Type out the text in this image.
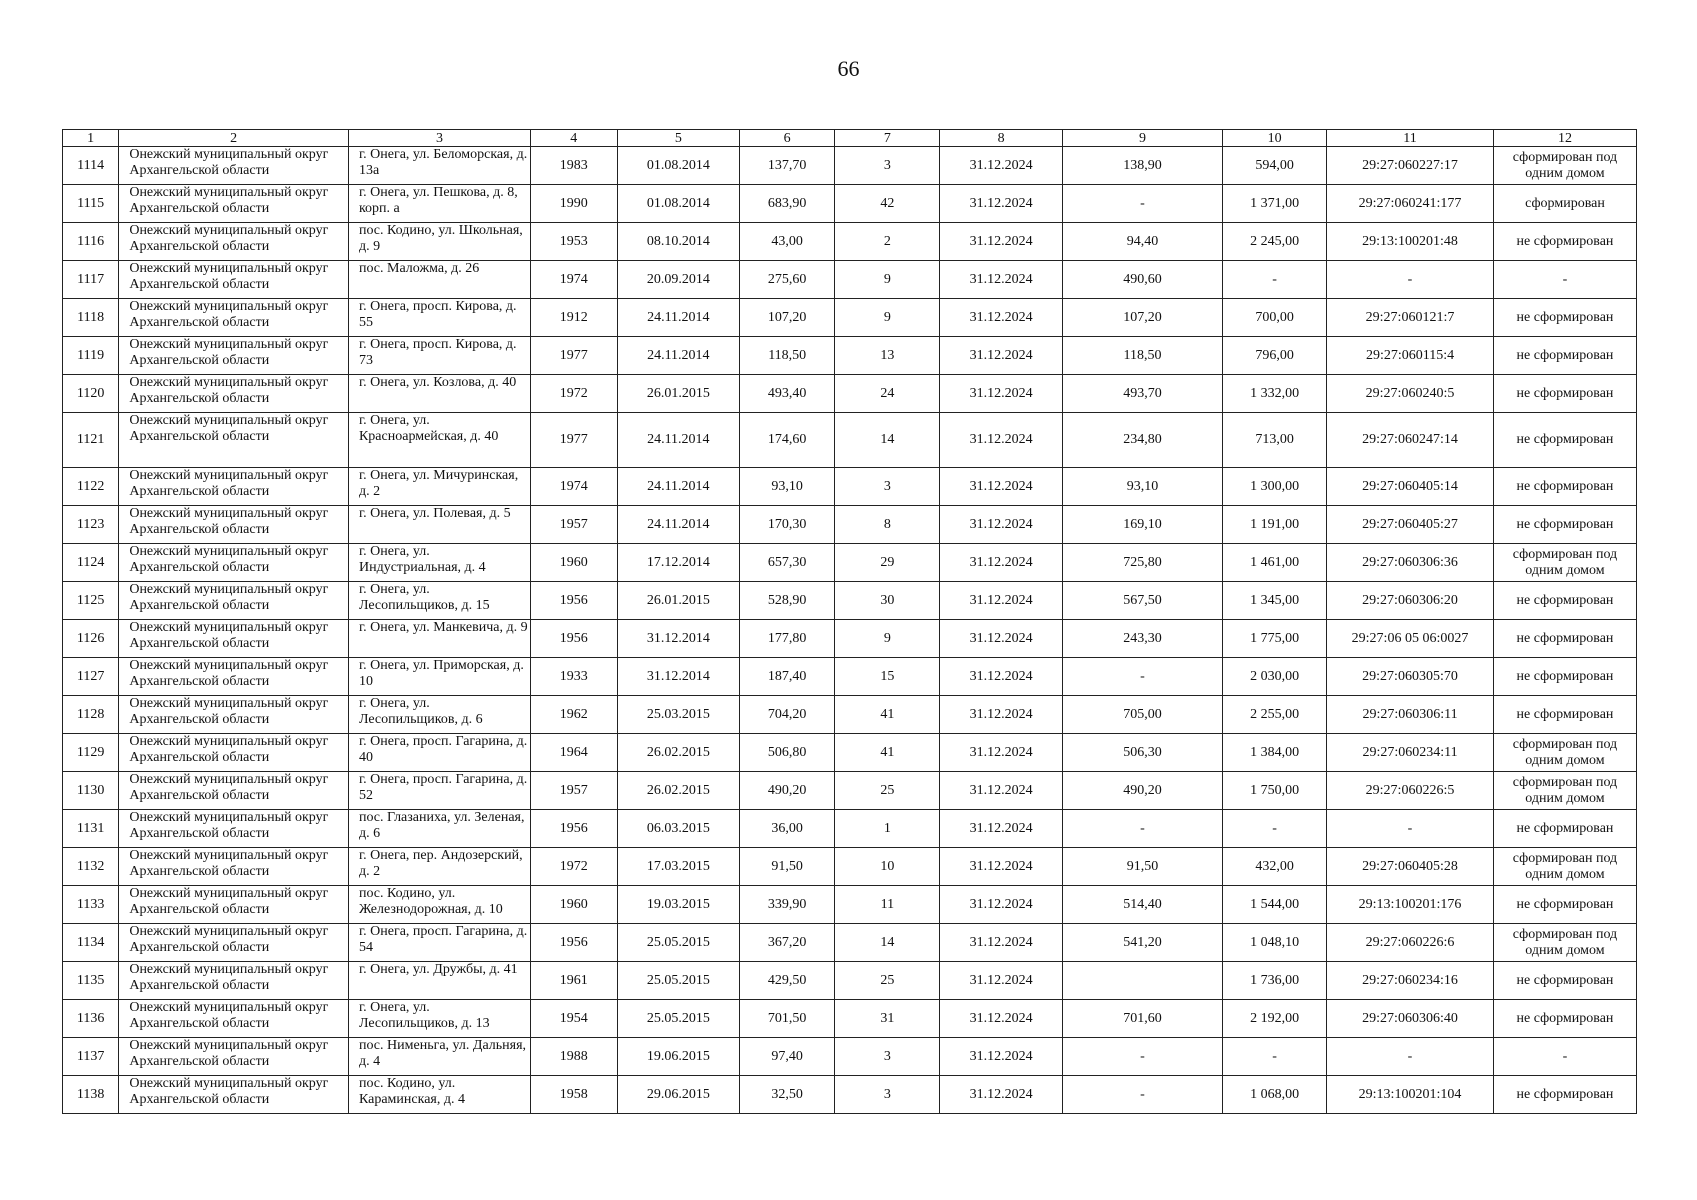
66
1	2	3	4	5	6	7	8	9	10	11	12
1114	Онежский муниципальный округ Архангельской области	г. Онега, ул. Беломорская, д. 13а	1983	01.08.2014	137,70	3	31.12.2024	138,90	594,00	29:27:060227:17	сформирован под одним домом
1115	Онежский муниципальный округ Архангельской области	г. Онега, ул. Пешкова, д. 8, корп. а	1990	01.08.2014	683,90	42	31.12.2024	-	1 371,00	29:27:060241:177	сформирован
1116	Онежский муниципальный округ Архангельской области	пос. Кодино, ул. Школьная, д. 9	1953	08.10.2014	43,00	2	31.12.2024	94,40	2 245,00	29:13:100201:48	не сформирован
1117	Онежский муниципальный округ Архангельской области	пос. Маложма, д. 26	1974	20.09.2014	275,60	9	31.12.2024	490,60	-	-	-
1118	Онежский муниципальный округ Архангельской области	г. Онега, просп. Кирова, д. 55	1912	24.11.2014	107,20	9	31.12.2024	107,20	700,00	29:27:060121:7	не сформирован
1119	Онежский муниципальный округ Архангельской области	г. Онега, просп. Кирова, д. 73	1977	24.11.2014	118,50	13	31.12.2024	118,50	796,00	29:27:060115:4	не сформирован
1120	Онежский муниципальный округ Архангельской области	г. Онега, ул. Козлова, д. 40	1972	26.01.2015	493,40	24	31.12.2024	493,70	1 332,00	29:27:060240:5	не сформирован
1121	Онежский муниципальный округ Архангельской области	г. Онега, ул. Красноармейская, д. 40	1977	24.11.2014	174,60	14	31.12.2024	234,80	713,00	29:27:060247:14	не сформирован
1122	Онежский муниципальный округ Архангельской области	г. Онега, ул. Мичуринская, д. 2	1974	24.11.2014	93,10	3	31.12.2024	93,10	1 300,00	29:27:060405:14	не сформирован
1123	Онежский муниципальный округ Архангельской области	г. Онега, ул. Полевая, д. 5	1957	24.11.2014	170,30	8	31.12.2024	169,10	1 191,00	29:27:060405:27	не сформирован
1124	Онежский муниципальный округ Архангельской области	г. Онега, ул. Индустриальная, д. 4	1960	17.12.2014	657,30	29	31.12.2024	725,80	1 461,00	29:27:060306:36	сформирован под одним домом
1125	Онежский муниципальный округ Архангельской области	г. Онега, ул. Лесопильщиков, д. 15	1956	26.01.2015	528,90	30	31.12.2024	567,50	1 345,00	29:27:060306:20	не сформирован
1126	Онежский муниципальный округ Архангельской области	г. Онега, ул. Манкевича, д. 9	1956	31.12.2014	177,80	9	31.12.2024	243,30	1 775,00	29:27:06 05 06:0027	не сформирован
1127	Онежский муниципальный округ Архангельской области	г. Онега, ул. Приморская, д. 10	1933	31.12.2014	187,40	15	31.12.2024	-	2 030,00	29:27:060305:70	не сформирован
1128	Онежский муниципальный округ Архангельской области	г. Онега, ул. Лесопильщиков, д. 6	1962	25.03.2015	704,20	41	31.12.2024	705,00	2 255,00	29:27:060306:11	не сформирован
1129	Онежский муниципальный округ Архангельской области	г. Онега, просп. Гагарина, д. 40	1964	26.02.2015	506,80	41	31.12.2024	506,30	1 384,00	29:27:060234:11	сформирован под одним домом
1130	Онежский муниципальный округ Архангельской области	г. Онега, просп. Гагарина, д. 52	1957	26.02.2015	490,20	25	31.12.2024	490,20	1 750,00	29:27:060226:5	сформирован под одним домом
1131	Онежский муниципальный округ Архангельской области	пос. Глазаниха, ул. Зеленая, д. 6	1956	06.03.2015	36,00	1	31.12.2024	-	-	-	не сформирован
1132	Онежский муниципальный округ Архангельской области	г. Онега, пер. Андозерский, д. 2	1972	17.03.2015	91,50	10	31.12.2024	91,50	432,00	29:27:060405:28	сформирован под одним домом
1133	Онежский муниципальный округ Архангельской области	пос. Кодино, ул. Железнодорожная, д. 10	1960	19.03.2015	339,90	11	31.12.2024	514,40	1 544,00	29:13:100201:176	не сформирован
1134	Онежский муниципальный округ Архангельской области	г. Онега, просп. Гагарина, д. 54	1956	25.05.2015	367,20	14	31.12.2024	541,20	1 048,10	29:27:060226:6	сформирован под одним домом
1135	Онежский муниципальный округ Архангельской области	г. Онега, ул. Дружбы, д. 41	1961	25.05.2015	429,50	25	31.12.2024		1 736,00	29:27:060234:16	не сформирован
1136	Онежский муниципальный округ Архангельской области	г. Онега, ул. Лесопильщиков, д. 13	1954	25.05.2015	701,50	31	31.12.2024	701,60	2 192,00	29:27:060306:40	не сформирован
1137	Онежский муниципальный округ Архангельской области	пос. Нименьга, ул. Дальняя, д. 4	1988	19.06.2015	97,40	3	31.12.2024	-	-	-	-
1138	Онежский муниципальный округ Архангельской области	пос. Кодино, ул. Караминская, д. 4	1958	29.06.2015	32,50	3	31.12.2024	-	1 068,00	29:13:100201:104	не сформирован
